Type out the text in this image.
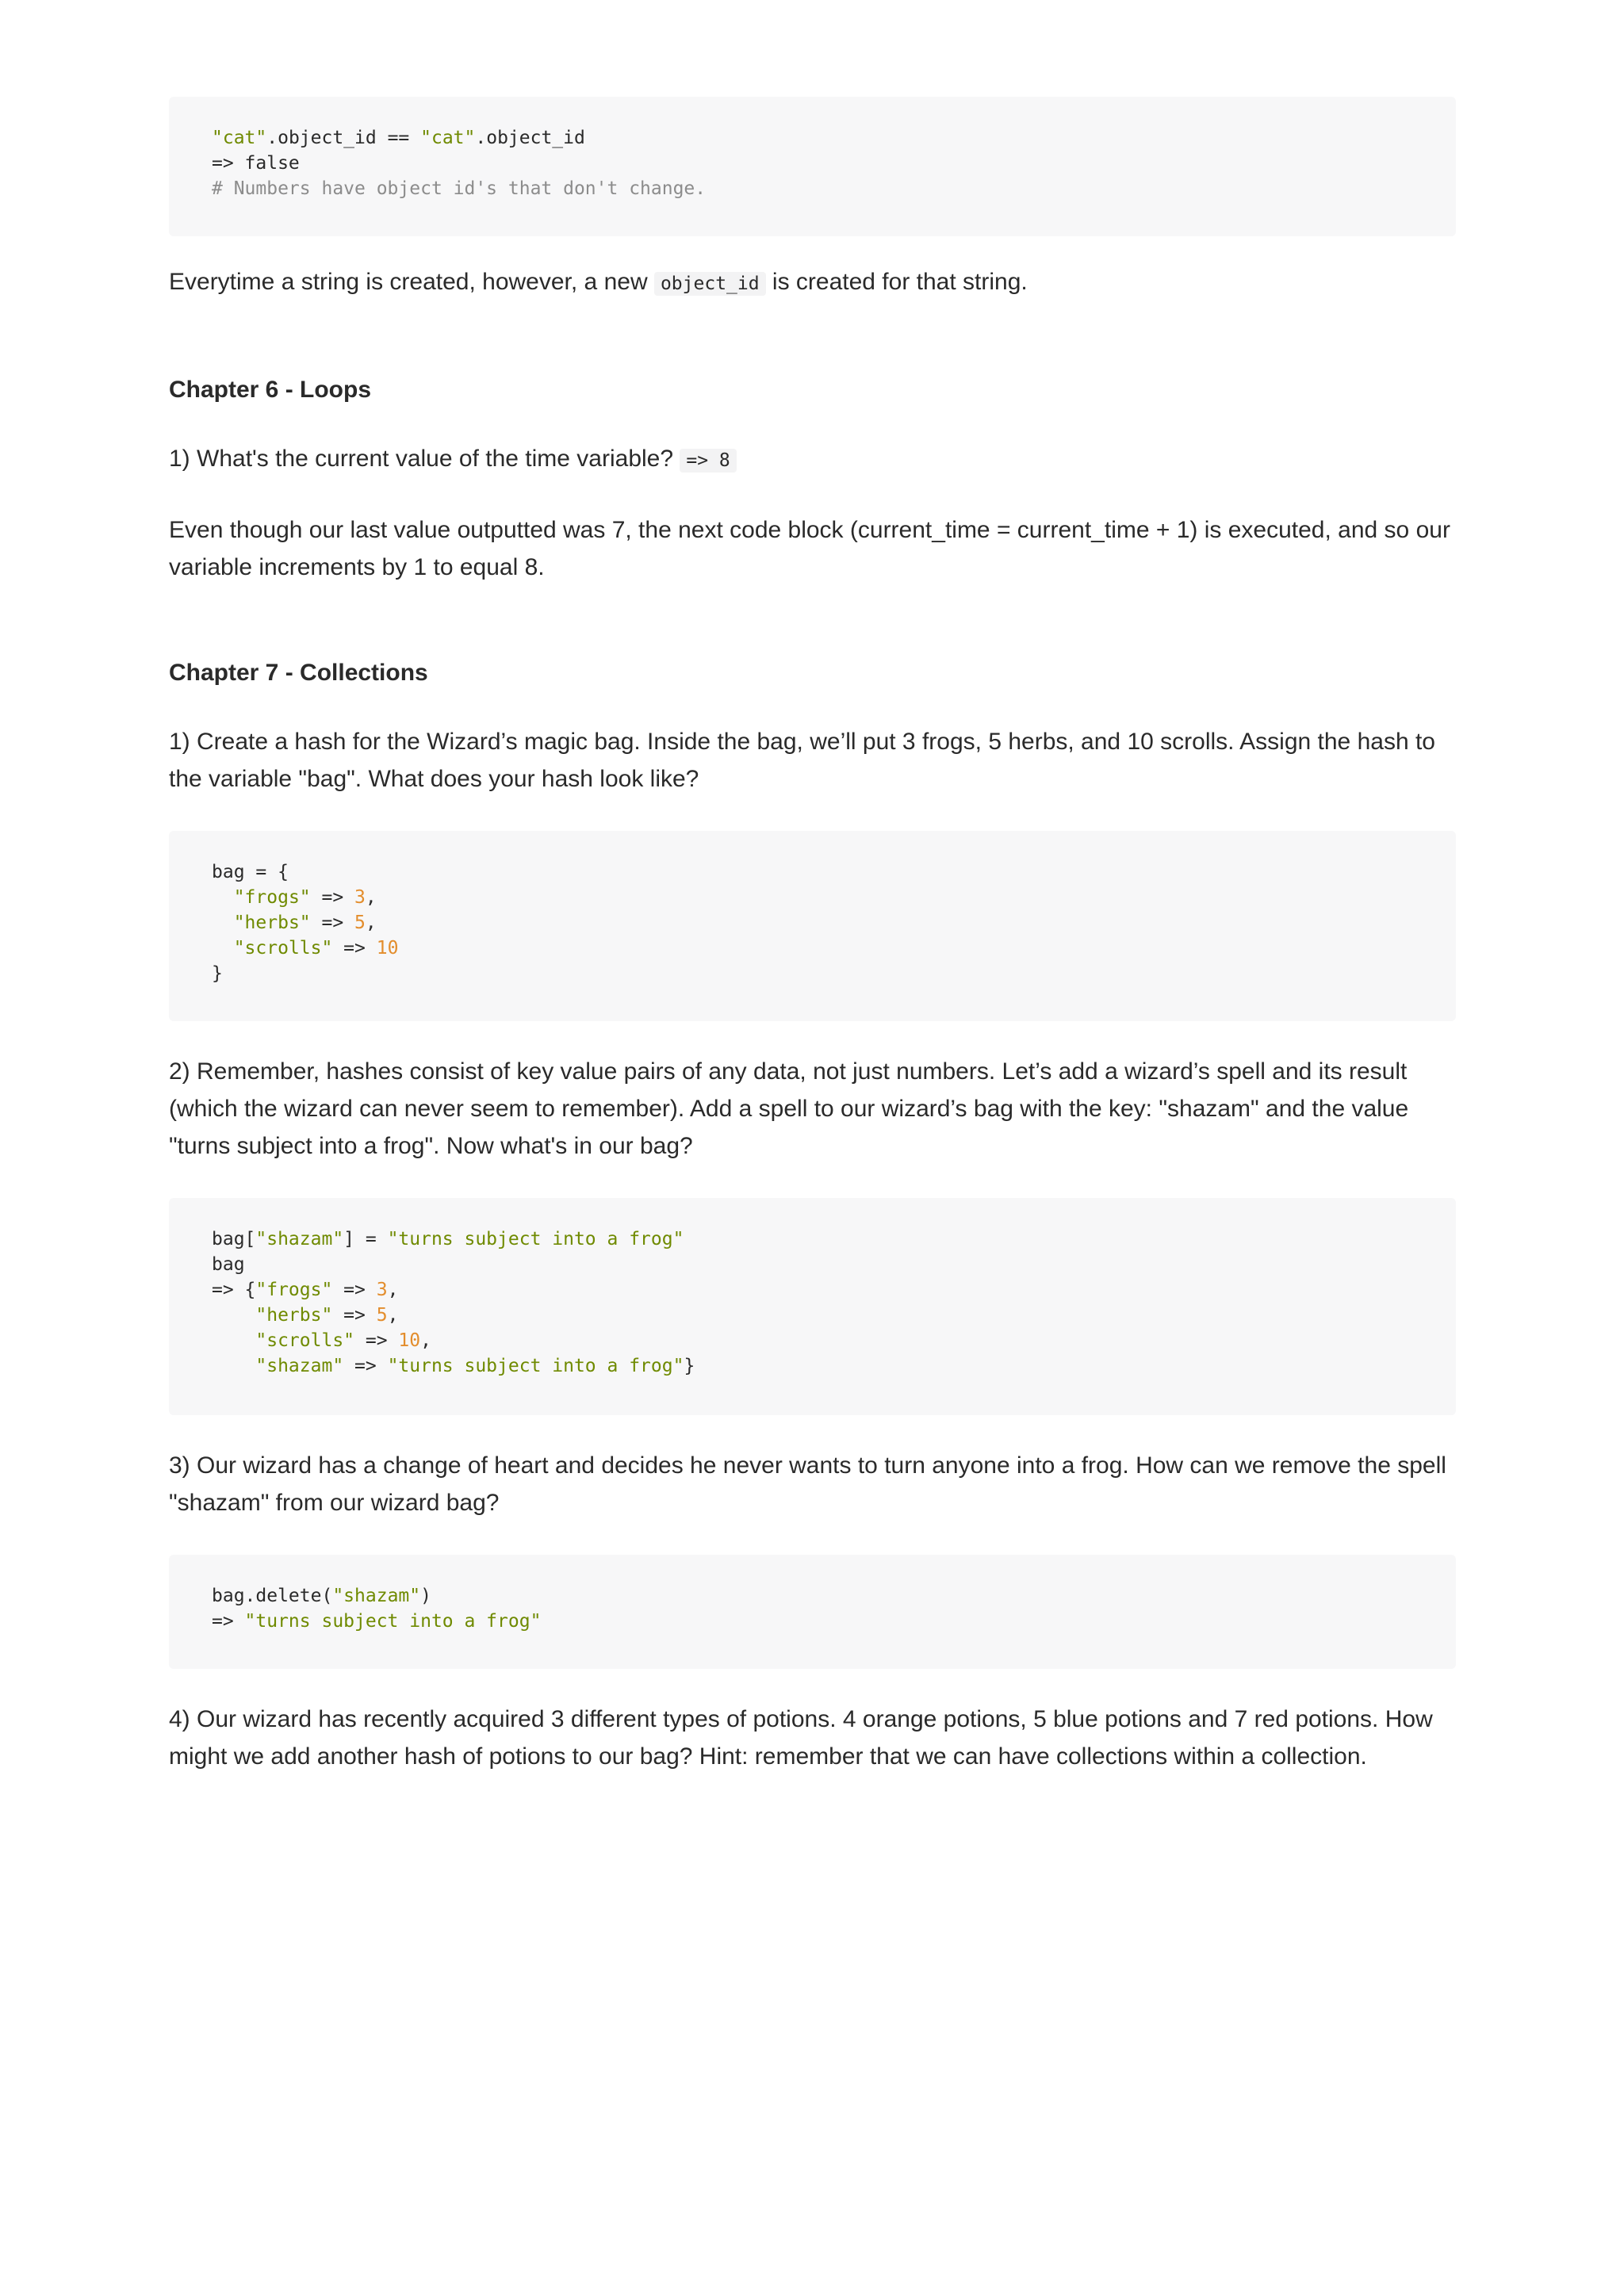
"cat".object_id == "cat".object_id
=> false
# Numbers have object id's that don't change.

Everytime a string is created, however, a new object_id is created for that string.

Chapter 6 - Loops

1) What's the current value of the time variable? => 8

Even though our last value outputted was 7, the next code block (current_time = current_time + 1) is executed, and so our variable increments by 1 to equal 8.

Chapter 7 - Collections

1) Create a hash for the Wizard’s magic bag. Inside the bag, we’ll put 3 frogs, 5 herbs, and 10 scrolls. Assign the hash to the variable "bag". What does your hash look like?

bag = {
"frogs" => 3,
"herbs" => 5,
"scrolls" => 10
}

2) Remember, hashes consist of key value pairs of any data, not just numbers. Let’s add a wizard’s spell and its result (which the wizard can never seem to remember). Add a spell to our wizard’s bag with the key: "shazam" and the value "turns subject into a frog". Now what's in our bag?

bag["shazam"] = "turns subject into a frog"
bag
=> {"frogs" => 3,
"herbs" => 5,
"scrolls" => 10,
"shazam" => "turns subject into a frog"}

3) Our wizard has a change of heart and decides he never wants to turn anyone into a frog. How can we remove the spell "shazam" from our wizard bag?

bag.delete("shazam")
=> "turns subject into a frog"

4) Our wizard has recently acquired 3 different types of potions. 4 orange potions, 5 blue potions and 7 red potions. How might we add another hash of potions to our bag? Hint: remember that we can have collections within a collection.
